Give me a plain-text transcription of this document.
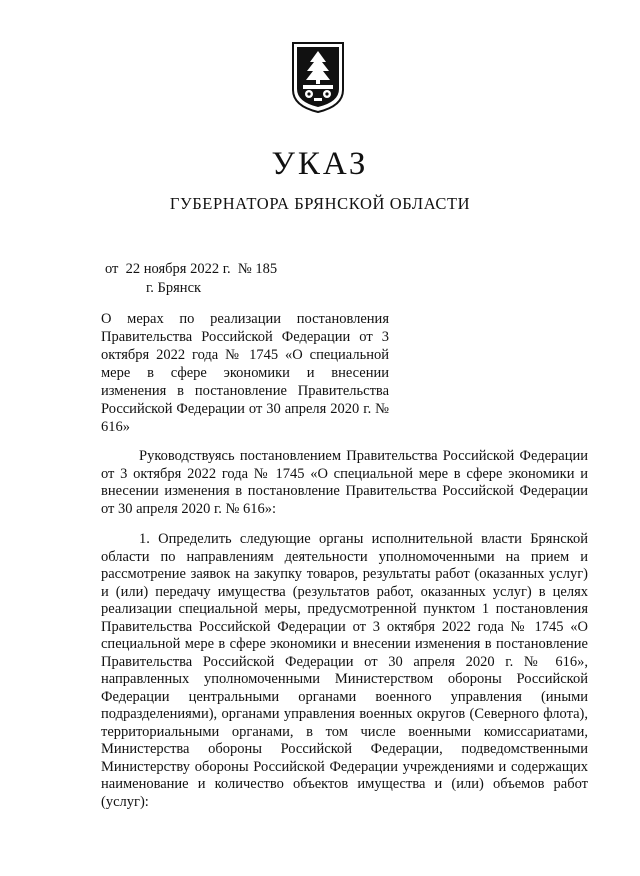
УКАЗ
ГУБЕРНАТОРА БРЯНСКОЙ ОБЛАСТИ
от  22 ноября 2022 г.  № 185
г. Брянск
О мерах по реализации постановления Правительства Российской Федерации от 3 октября 2022 года № 1745 «О специальной мере в сфере экономики и внесении изменения в постановление Правительства Российской Федерации от 30 апреля 2020 г. № 616»

Руководствуясь постановлением Правительства Российской Федерации от 3 октября 2022 года № 1745 «О специальной мере в сфере экономики и внесении изменения в постановление Правительства Российской Федерации от 30 апреля 2020 г. № 616»:

1. Определить следующие органы исполнительной власти Брянской области по направлениям деятельности уполномоченными на прием и рассмотрение заявок на закупку товаров, результаты работ (оказанных услуг) и (или) передачу имущества (результатов работ, оказанных услуг) в целях реализации специальной меры, предусмотренной пунктом 1 постановления Правительства Российской Федерации от 3 октября 2022 года № 1745 «О специальной мере в сфере экономики и внесении изменения в постановление Правительства Российской Федерации от 30 апреля 2020 г. № 616», направленных уполномоченными Министерством обороны Российской Федерации центральными органами военного управления (иными подразделениями), органами управления военных округов (Северного флота), территориальными органами, в том числе военными комиссариатами, Министерства обороны Российской Федерации, подведомственными Министерству обороны Российской Федерации учреждениями и содержащих наименование и количество объектов имущества и (или) объемов работ (услуг):
